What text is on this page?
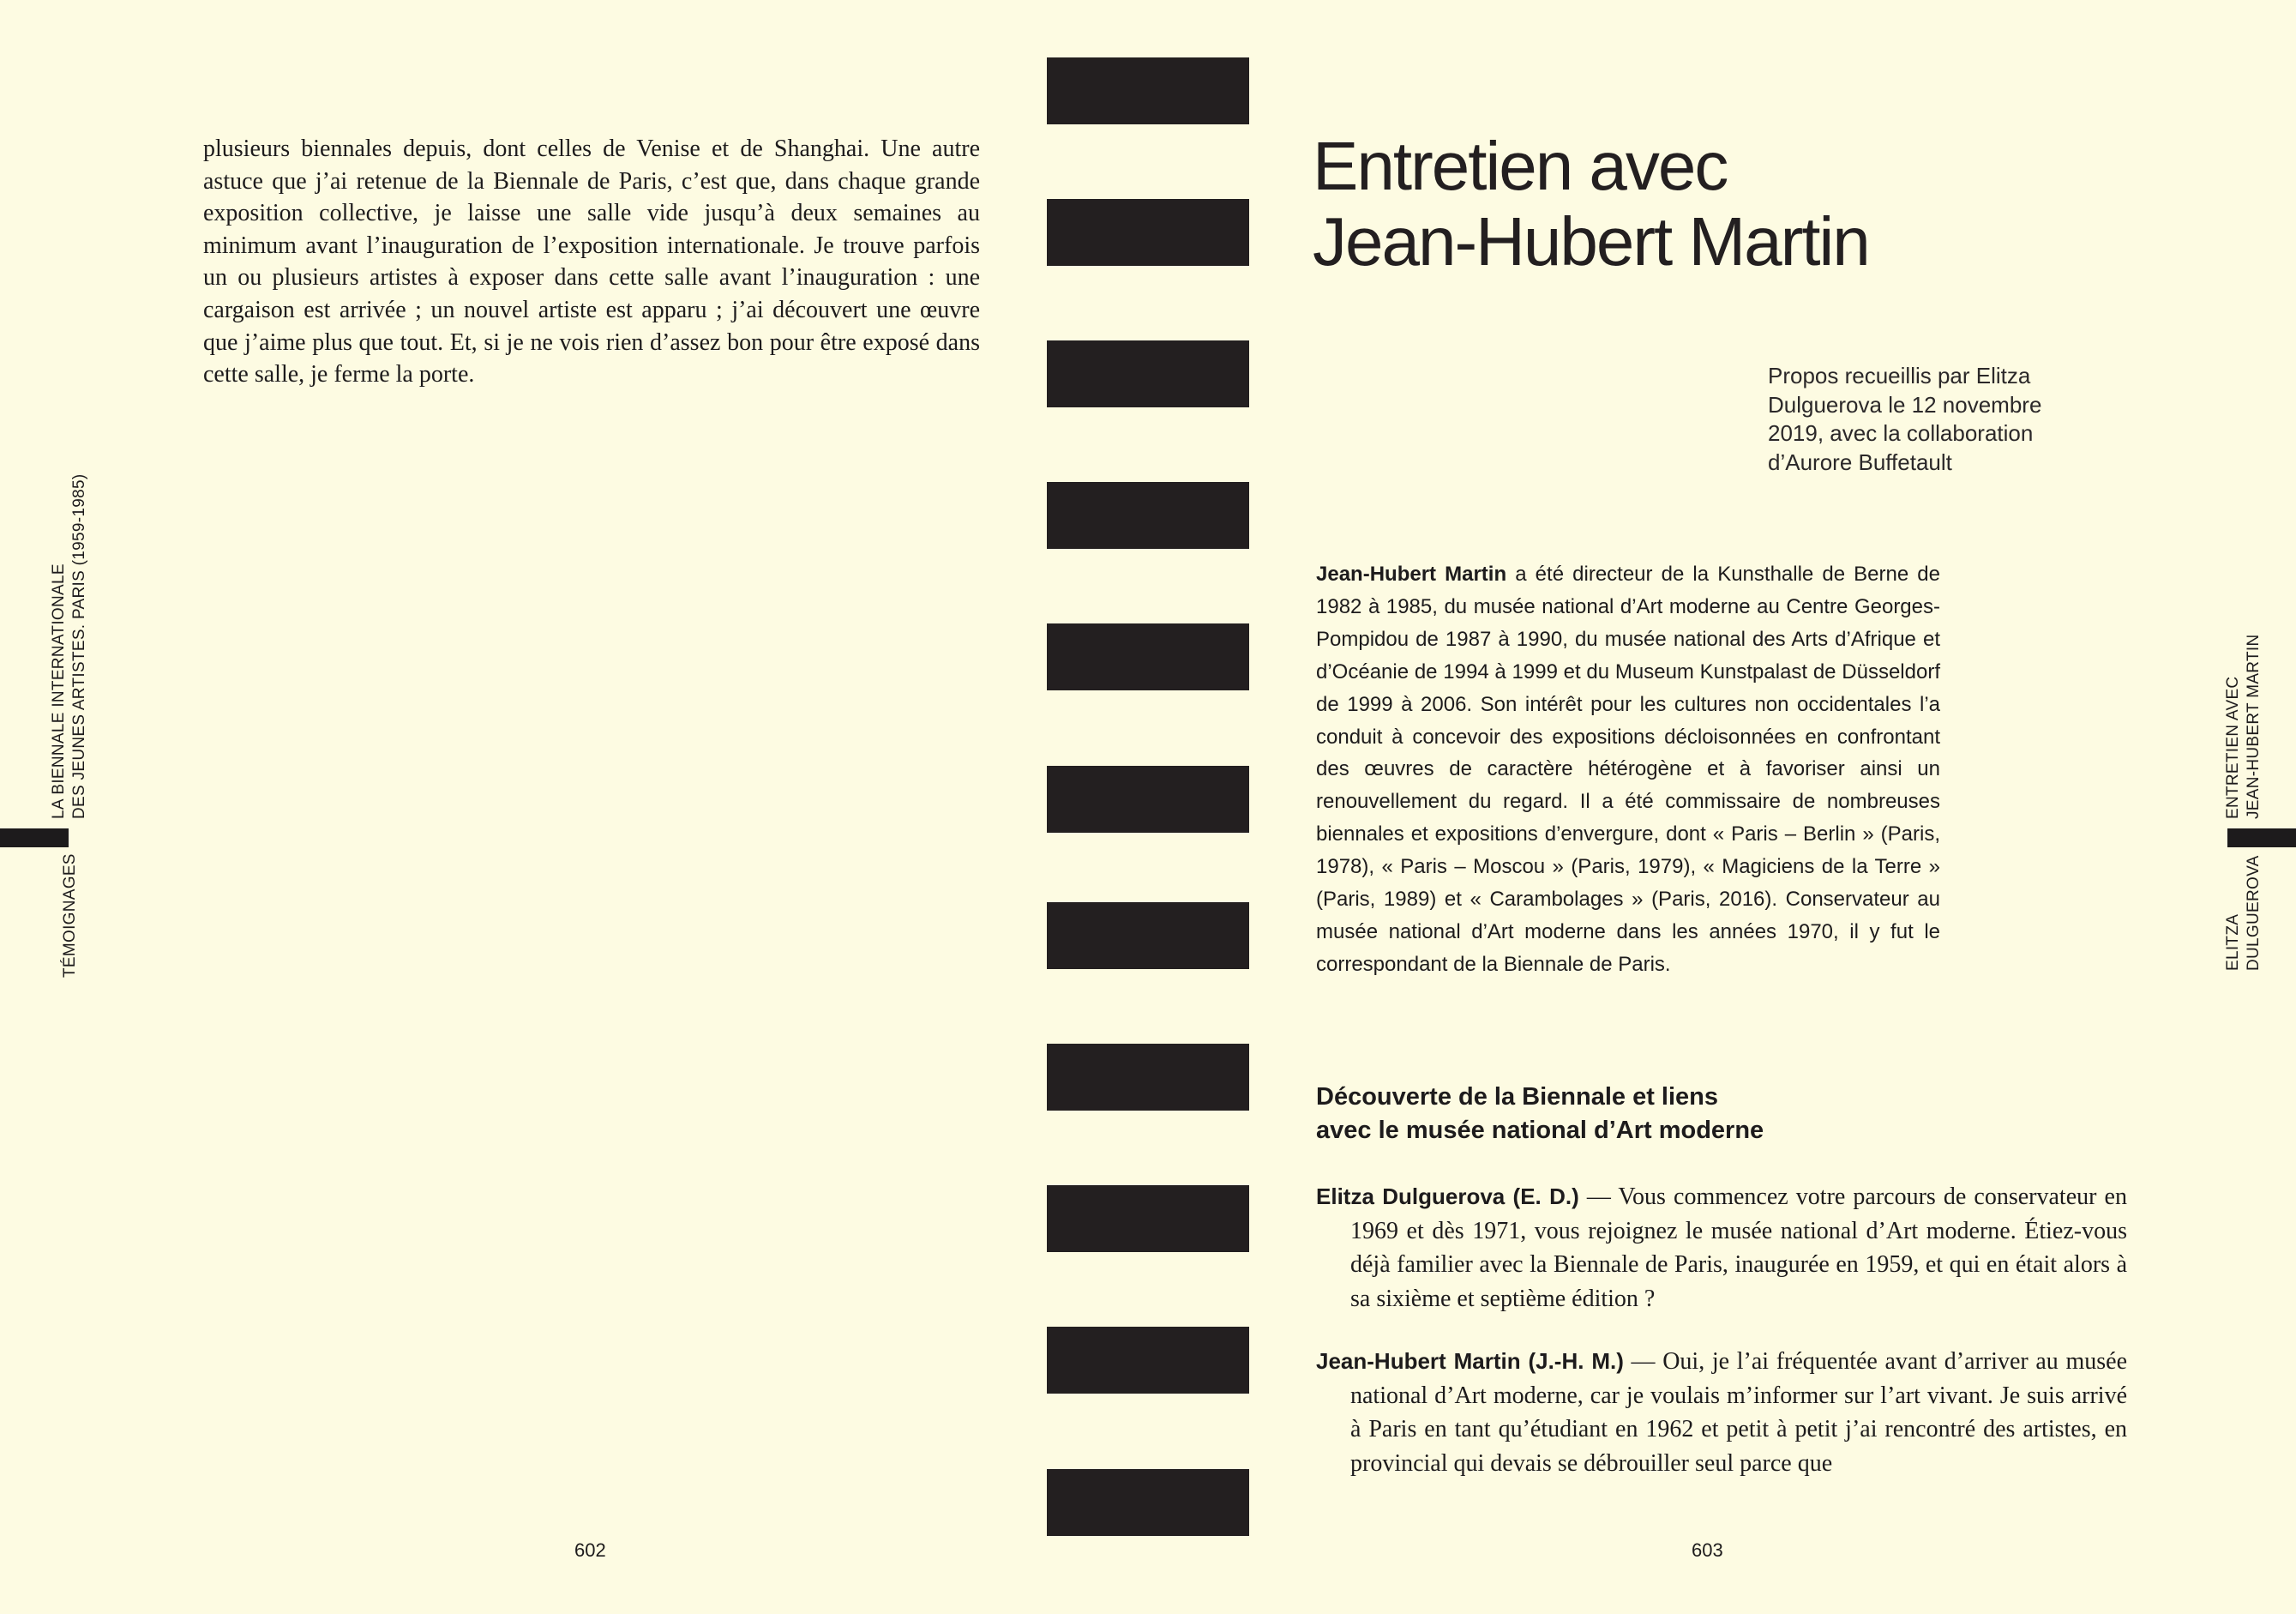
plusieurs biennales depuis, dont celles de Venise et de Shanghai. Une autre astuce que j’ai retenue de la Biennale de Paris, c’est que, dans chaque grande exposition collective, je laisse une salle vide jusqu’à deux semaines au minimum avant l’inauguration de l’exposition internationale. Je trouve parfois un ou plusieurs artistes à exposer dans cette salle avant l’inauguration : une cargaison est arrivée ; un nouvel artiste est apparu ; j’ai découvert une œuvre que j’aime plus que tout. Et, si je ne vois rien d’assez bon pour être exposé dans cette salle, je ferme la porte.

LA BIENNALE INTERNATIONALE DES JEUNES ARTISTES. PARIS (1959-1985)
TÉMOIGNAGES
602
Entretien avec
Jean-Hubert Martin
Propos recueillis par Elitza Dulguerova le 12 novembre 2019, avec la collaboration d’Aurore Buffetault

Jean-Hubert Martin a été directeur de la Kunsthalle de Berne de 1982 à 1985, du musée national d’Art moderne au Centre Georges-Pompidou de 1987 à 1990, du musée national des Arts d’Afrique et d’Océanie de 1994 à 1999 et du Museum Kunstpalast de Düsseldorf de 1999 à 2006. Son intérêt pour les cultures non occidentales l’a conduit à concevoir des expositions décloisonnées en confrontant des œuvres de caractère hétérogène et à favoriser ainsi un renouvellement du regard. Il a été commissaire de nombreuses biennales et expositions d’envergure, dont « Paris – Berlin » (Paris, 1978), « Paris – Moscou » (Paris, 1979), « Magiciens de la Terre » (Paris, 1989) et « Carambolages » (Paris, 2016). Conservateur au musée national d’Art moderne dans les années 1970, il y fut le correspondant de la Biennale de Paris.

Découverte de la Biennale et liens
avec le musée national d’Art moderne

Elitza Dulguerova (E. D.) — Vous commencez votre parcours de conservateur en 1969 et dès 1971, vous rejoignez le musée national d’Art moderne. Étiez-vous déjà familier avec la Biennale de Paris, inaugurée en 1959, et qui en était alors à sa sixième et septième édition ?

Jean-Hubert Martin (J.-H. M.) — Oui, je l’ai fréquentée avant d’arriver au musée national d’Art moderne, car je voulais m’informer sur l’art vivant. Je suis arrivé à Paris en tant qu’étudiant en 1962 et petit à petit j’ai rencontré des artistes, en provincial qui devais se débrouiller seul parce que

ENTRETIEN AVEC JEAN-HUBERT MARTIN
ELITZA DULGUEROVA
603
